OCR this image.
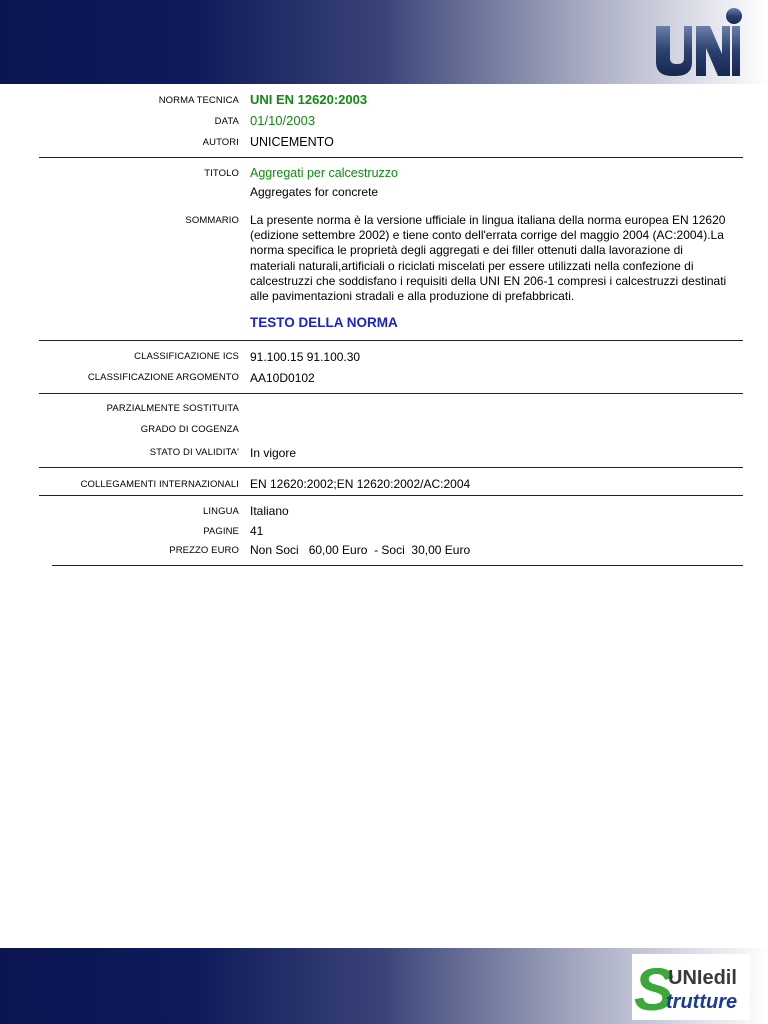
UNI
NORMA TECNICA UNI EN 12620:2003
DATA 01/10/2003
AUTORI UNICEMENTO
TITOLO Aggregati per calcestruzzo
Aggregates for concrete
SOMMARIO La presente norma è la versione ufficiale in lingua italiana della norma europea EN 12620 (edizione settembre 2002) e tiene conto dell'errata corrige del maggio 2004 (AC:2004).La norma specifica le proprietà degli aggregati e dei filler ottenuti dalla lavorazione di materiali naturali,artificiali o riciclati miscelati per essere utilizzati nella confezione di calcestruzzi che soddisfano i requisiti della UNI EN 206-1 compresi i calcestruzzi destinati alle pavimentazioni stradali e alla produzione di prefabbricati.
TESTO DELLA NORMA
CLASSIFICAZIONE ICS 91.100.15 91.100.30
CLASSIFICAZIONE ARGOMENTO AA10D0102
PARZIALMENTE SOSTITUITA
GRADO DI COGENZA
STATO DI VALIDITA' In vigore
COLLEGAMENTI INTERNAZIONALI EN 12620:2002;EN 12620:2002/AC:2004
LINGUA Italiano
PAGINE 41
PREZZO EURO Non Soci   60,00 Euro  - Soci  30,00 Euro
S
UNIedil
trutture
